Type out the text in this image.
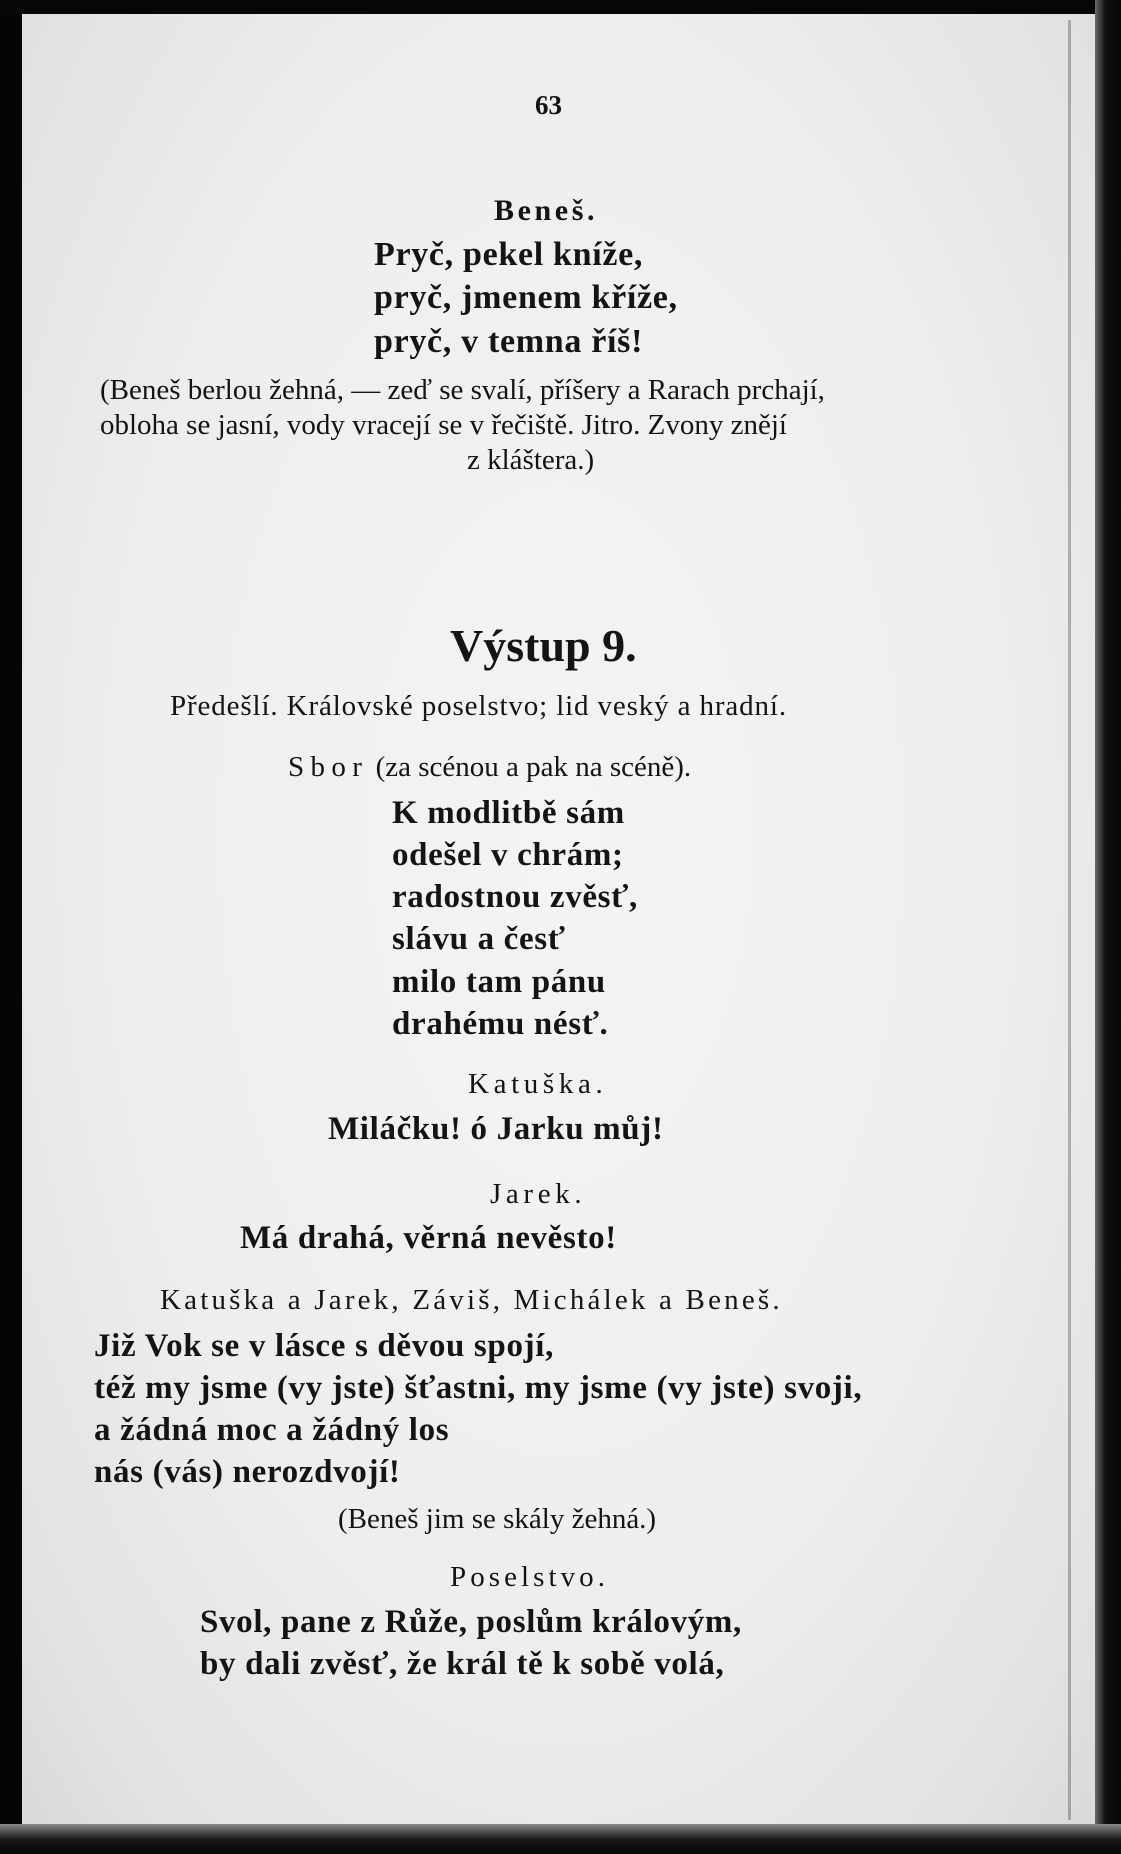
63
Beneš.
Pryč, pekel kníže,
pryč, jmenem kříže,
pryč, v temna říš!
(Beneš berlou žehná, — zeď se svalí, příšery a Rarach prchají,
obloha se jasní, vody vracejí se v řečiště. Jitro. Zvony znějí
z kláštera.)
Výstup 9.
Předešlí. Královské poselstvo; lid veský a hradní.
Sbor (za scénou a pak na scéně).
K modlitbě sám
odešel v chrám;
radostnou zvěsť,
slávu a česť
milo tam pánu
drahému nésť.
Katuška.
Miláčku! ó Jarku můj!
Jarek.
Má drahá, věrná nevěsto!
Katuška a Jarek, Záviš, Michálek a Beneš.
Již Vok se v lásce s děvou spojí,
též my jsme (vy jste) šťastni, my jsme (vy jste) svoji,
a žádná moc a žádný los
nás (vás) nerozdvojí!
(Beneš jim se skály žehná.)
Poselstvo.
Svol, pane z Růže, poslům královým,
by dali zvěsť, že král tě k sobě volá,
